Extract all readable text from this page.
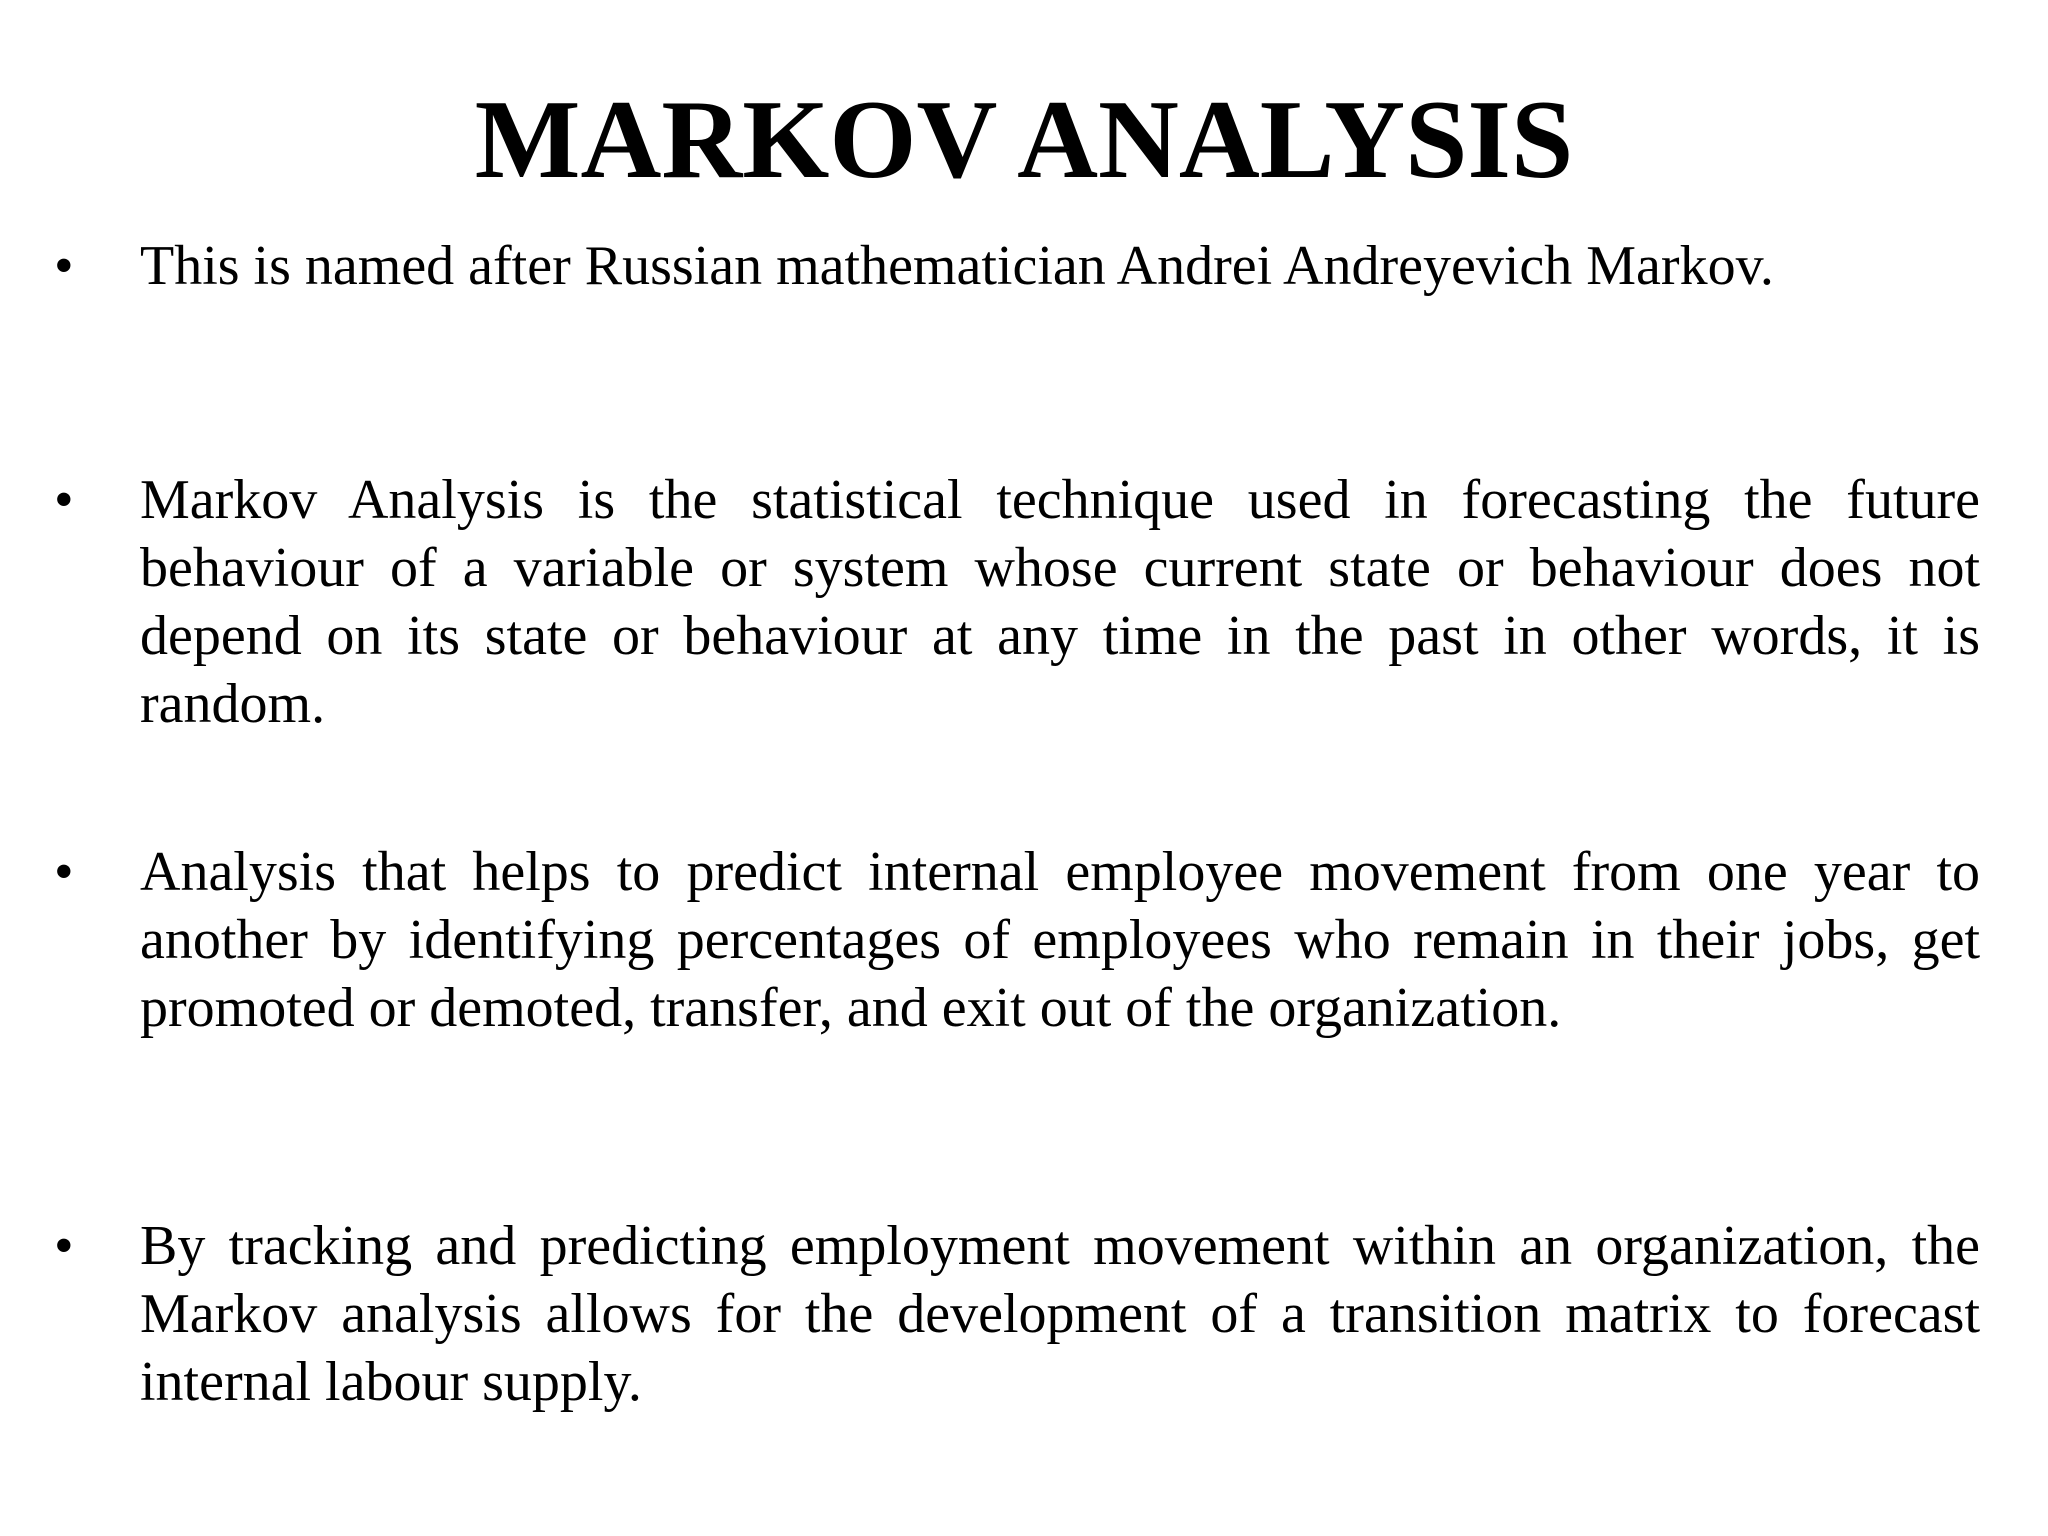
MARKOV ANALYSIS
• This is named after Russian mathematician Andrei Andreyevich Markov.

• Markov Analysis is the statistical technique used in forecasting the future behaviour of a variable or system whose current state or behaviour does not depend on its state or behaviour at any time in the past in other words, it is random.

• Analysis that helps to predict internal employee movement from one year to another by identifying percentages of employees who remain in their jobs, get promoted or demoted, transfer, and exit out of the organization.

• By tracking and predicting employment movement within an organization, the Markov analysis allows for the development of a transition matrix to forecast internal labour supply.
